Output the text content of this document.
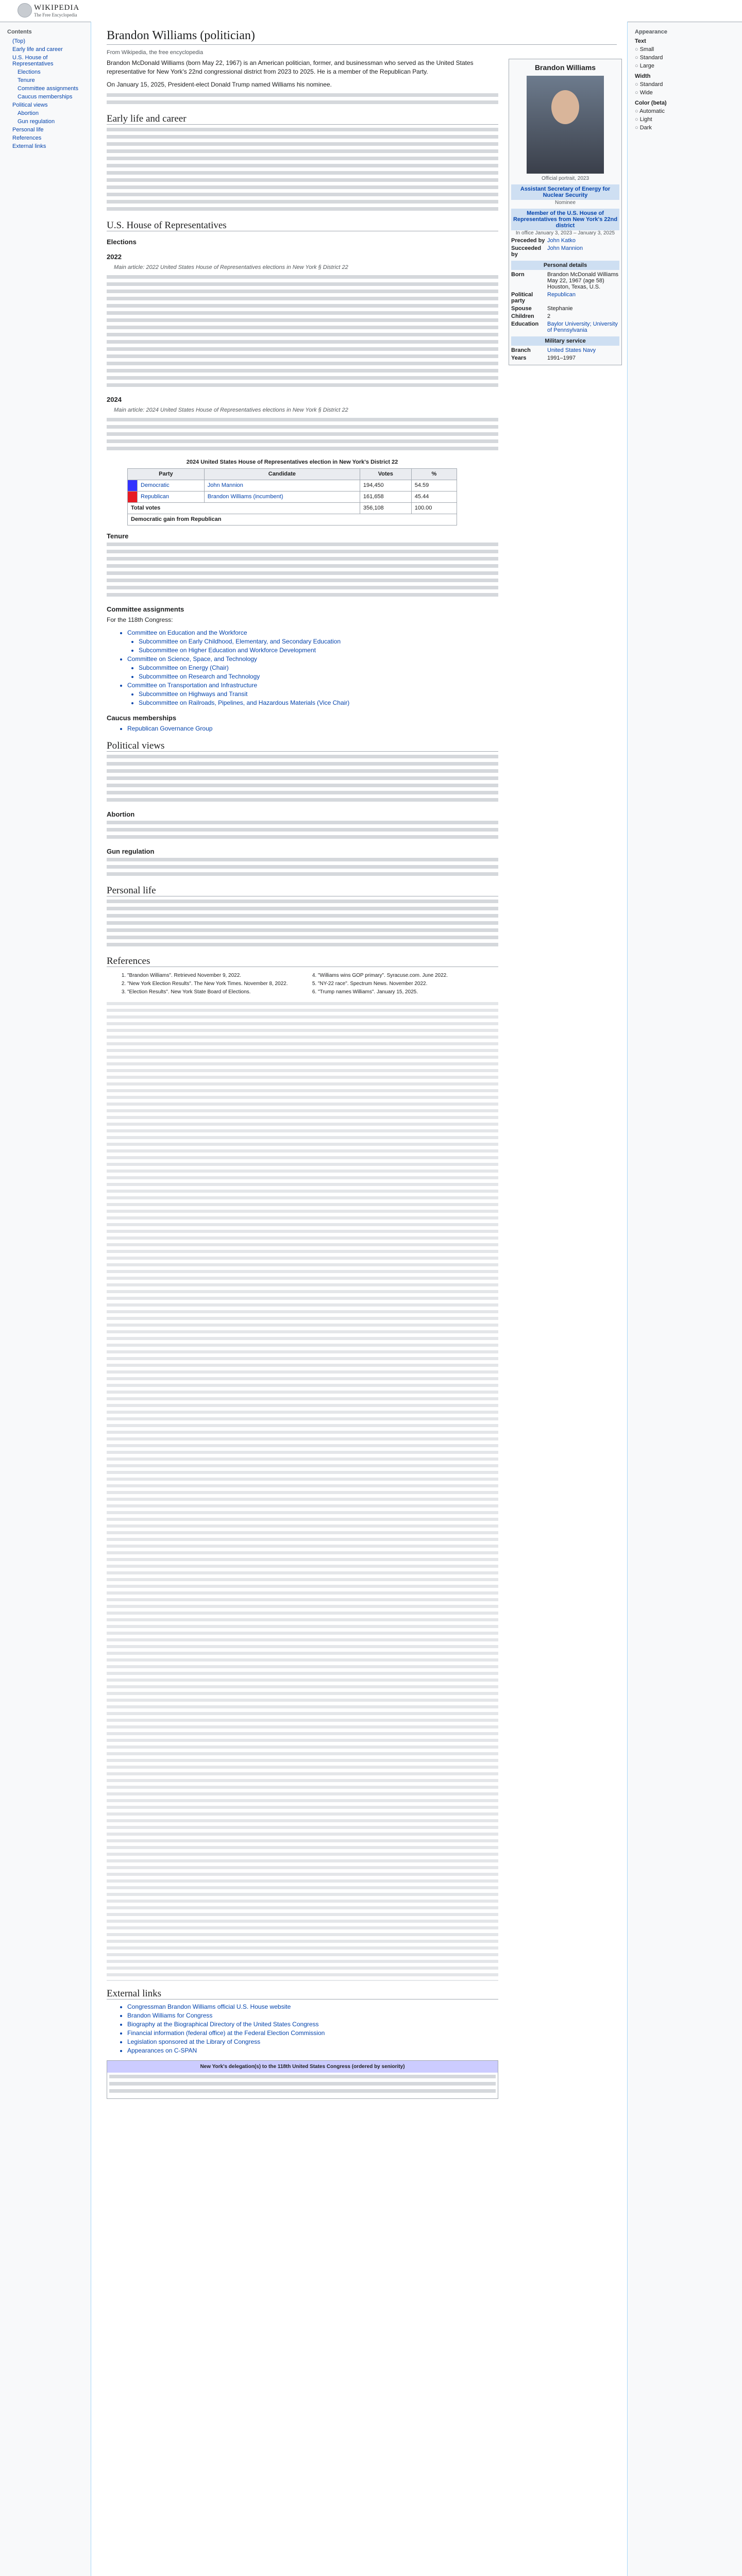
WIKIPEDIA
The Free Encyclopedia
Contents
(Top)
Early life and career
U.S. House of Representatives
Elections
Tenure
Committee assignments
Caucus memberships
Political views
Abortion
Gun regulation
Personal life
References
External links
Brandon Williams (politician)
From Wikipedia, the free encyclopedia

Brandon McDonald Williams (born May 22, 1967) is an American politician, former, and businessman who served as the United States representative for New York's 22nd congressional district from 2023 to 2025. He is a member of the Republican Party.

On January 15, 2025, President-elect Donald Trump named Williams his nominee.

Early life and career
U.S. House of Representatives
Elections
2022
Main article: 2022 United States House of Representatives elections in New York § District 22
2024
Main article: 2024 United States House of Representatives elections in New York § District 22
2024 United States House of Representatives election in New York's District 22
Party		Candidate	Votes	%
	Democratic	John Mannion	194,450	54.59
	Republican	Brandon Williams (incumbent)	161,658	45.44
Total votes			356,108	100.00
Democratic gain from Republican				
Tenure
Committee assignments

For the 118th Congress:

• Committee on Education and the Workforce
• Subcommittee on Early Childhood, Elementary, and Secondary Education
• Subcommittee on Higher Education and Workforce Development
• Committee on Science, Space, and Technology
• Subcommittee on Energy (Chair)
• Subcommittee on Research and Technology
• Committee on Transportation and Infrastructure
• Subcommittee on Highways and Transit
• Subcommittee on Railroads, Pipelines, and Hazardous Materials (Vice Chair)
Caucus memberships
• Republican Governance Group
Political views
Abortion
Gun regulation
Personal life
References
1. "Brandon Williams". Retrieved November 9, 2022.
2. "New York Election Results". The New York Times. November 8, 2022.
3. "Election Results". New York State Board of Elections.
4. "Williams wins GOP primary". Syracuse.com. June 2022.
5. "NY-22 race". Spectrum News. November 2022.
6. "Trump names Williams". January 15, 2025.
External links
• Congressman Brandon Williams official U.S. House website
• Brandon Williams for Congress
• Biography at the Biographical Directory of the United States Congress
• Financial information (federal office) at the Federal Election Commission
• Legislation sponsored at the Library of Congress
• Appearances on C-SPAN
New York's delegation(s) to the 118th United States Congress (ordered by seniority)
Brandon Williams
Official portrait, 2023
Assistant Secretary of Energy for Nuclear Security
Nominee
Member of the U.S. House of Representatives from New York's 22nd district
In office January 3, 2023 – January 3, 2025
Preceded by John Katko
Succeeded by
John Mannion
Personal details
Born	Brandon McDonald Williams May 22, 1967 (age 58) Houston, Texas, U.S.
Political party
Republican
Spouse	Stephanie
Children	2
Education	Baylor University; University of Pennsylvania
Military service
Branch	United States Navy
Years	1991–1997
Appearance
Text
○ Small
○ Standard
○ Large
Width
○ Standard
○ Wide
Color (beta)
○ Automatic
○ Light
○ Dark
